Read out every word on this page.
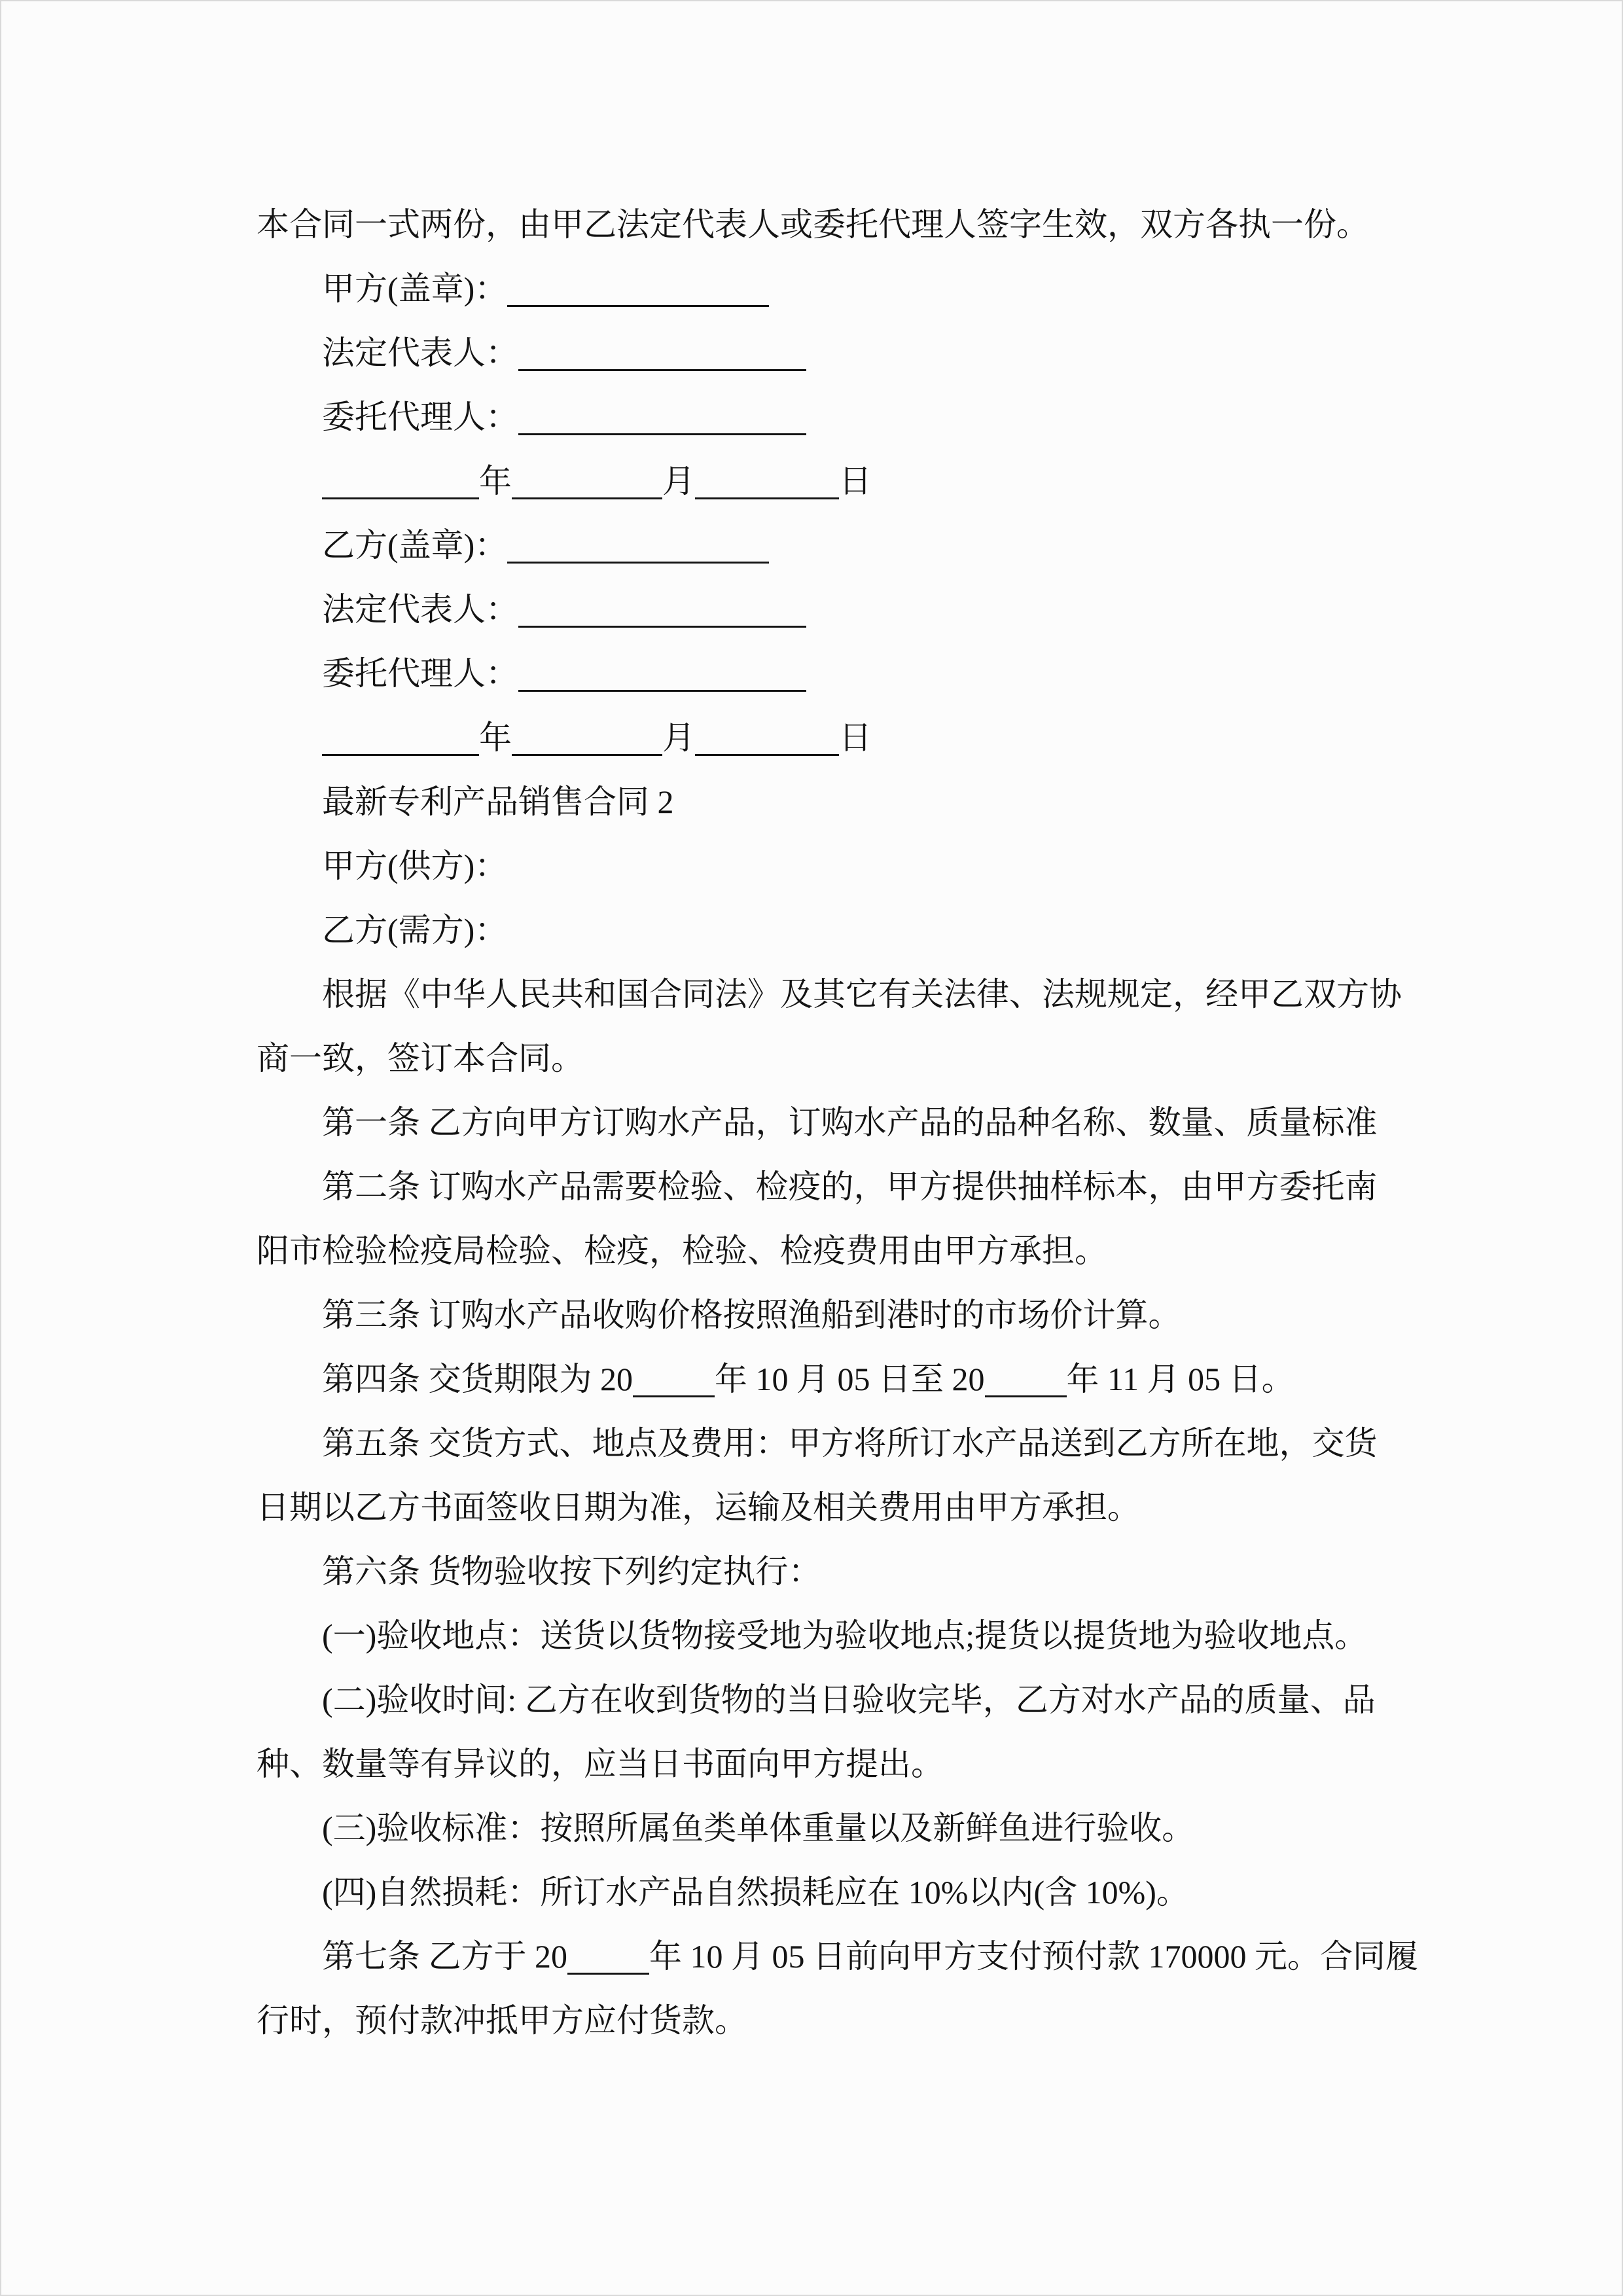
本合同一式两份，由甲乙法定代表人或委托代理人签字生效，双方各执一份。
甲方(盖章)：
法定代表人：
委托代理人：
年	月	日
乙方(盖章)：
法定代表人：
委托代理人：
年	月	日
最新专利产品销售合同 2
甲方(供方)：
乙方(需方)：
根据《中华人民共和国合同法》及其它有关法律、法规规定，经甲乙双方协
商一致，签订本合同。
第一条 乙方向甲方订购水产品，订购水产品的品种名称、数量、质量标准
第二条 订购水产品需要检验、检疫的，甲方提供抽样标本，由甲方委托南
阳市检验检疫局检验、检疫，检验、检疫费用由甲方承担。
第三条 订购水产品收购价格按照渔船到港时的市场价计算。
第四条 交货期限为 20	年 10 月 05 日至 20	年 11 月 05 日。
第五条 交货方式、地点及费用：甲方将所订水产品送到乙方所在地，交货
日期以乙方书面签收日期为准，运输及相关费用由甲方承担。
第六条 货物验收按下列约定执行：
(一)验收地点：送货以货物接受地为验收地点;提货以提货地为验收地点。
(二)验收时间: 乙方在收到货物的当日验收完毕，乙方对水产品的质量、品
种、数量等有异议的，应当日书面向甲方提出。
(三)验收标准：按照所属鱼类单体重量以及新鲜鱼进行验收。
(四)自然损耗：所订水产品自然损耗应在 10%以内(含 10%)。
第七条 乙方于 20	年 10 月 05 日前向甲方支付预付款 170000 元。合同履
行时，预付款冲抵甲方应付货款。
